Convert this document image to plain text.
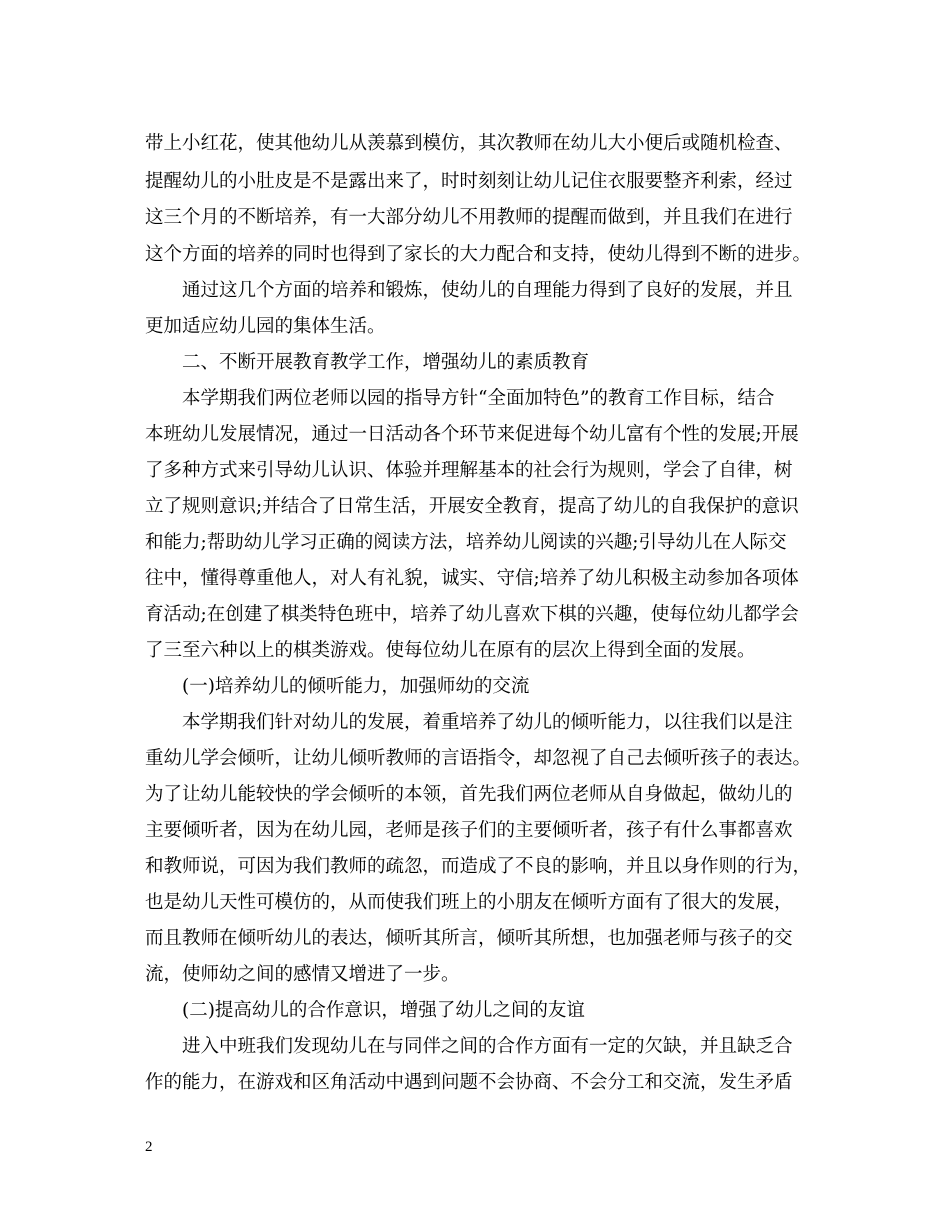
带上小红花，使其他幼儿从羡慕到模仿，其次教师在幼儿大小便后或随机检查、
提醒幼儿的小肚皮是不是露出来了，时时刻刻让幼儿记住衣服要整齐利索，经过
这三个月的不断培养，有一大部分幼儿不用教师的提醒而做到，并且我们在进行
这个方面的培养的同时也得到了家长的大力配合和支持，使幼儿得到不断的进步。
通过这几个方面的培养和锻炼，使幼儿的自理能力得到了良好的发展，并且
更加适应幼儿园的集体生活。
二、不断开展教育教学工作，增强幼儿的素质教育
本学期我们两位老师以园的指导方针“全面加特色”的教育工作目标，结合
本班幼儿发展情况，通过一日活动各个环节来促进每个幼儿富有个性的发展;开展
了多种方式来引导幼儿认识、体验并理解基本的社会行为规则，学会了自律，树
立了规则意识;并结合了日常生活，开展安全教育，提高了幼儿的自我保护的意识
和能力;帮助幼儿学习正确的阅读方法，培养幼儿阅读的兴趣;引导幼儿在人际交
往中，懂得尊重他人，对人有礼貌，诚实、守信;培养了幼儿积极主动参加各项体
育活动;在创建了棋类特色班中，培养了幼儿喜欢下棋的兴趣，使每位幼儿都学会
了三至六种以上的棋类游戏。使每位幼儿在原有的层次上得到全面的发展。
(一)培养幼儿的倾听能力，加强师幼的交流
本学期我们针对幼儿的发展，着重培养了幼儿的倾听能力，以往我们以是注
重幼儿学会倾听，让幼儿倾听教师的言语指令，却忽视了自己去倾听孩子的表达。
为了让幼儿能较快的学会倾听的本领，首先我们两位老师从自身做起，做幼儿的
主要倾听者，因为在幼儿园，老师是孩子们的主要倾听者，孩子有什么事都喜欢
和教师说，可因为我们教师的疏忽，而造成了不良的影响，并且以身作则的行为，
也是幼儿天性可模仿的，从而使我们班上的小朋友在倾听方面有了很大的发展，
而且教师在倾听幼儿的表达，倾听其所言，倾听其所想，也加强老师与孩子的交
流，使师幼之间的感情又增进了一步。
(二)提高幼儿的合作意识，增强了幼儿之间的友谊
进入中班我们发现幼儿在与同伴之间的合作方面有一定的欠缺，并且缺乏合
作的能力，在游戏和区角活动中遇到问题不会协商、不会分工和交流，发生矛盾
2
